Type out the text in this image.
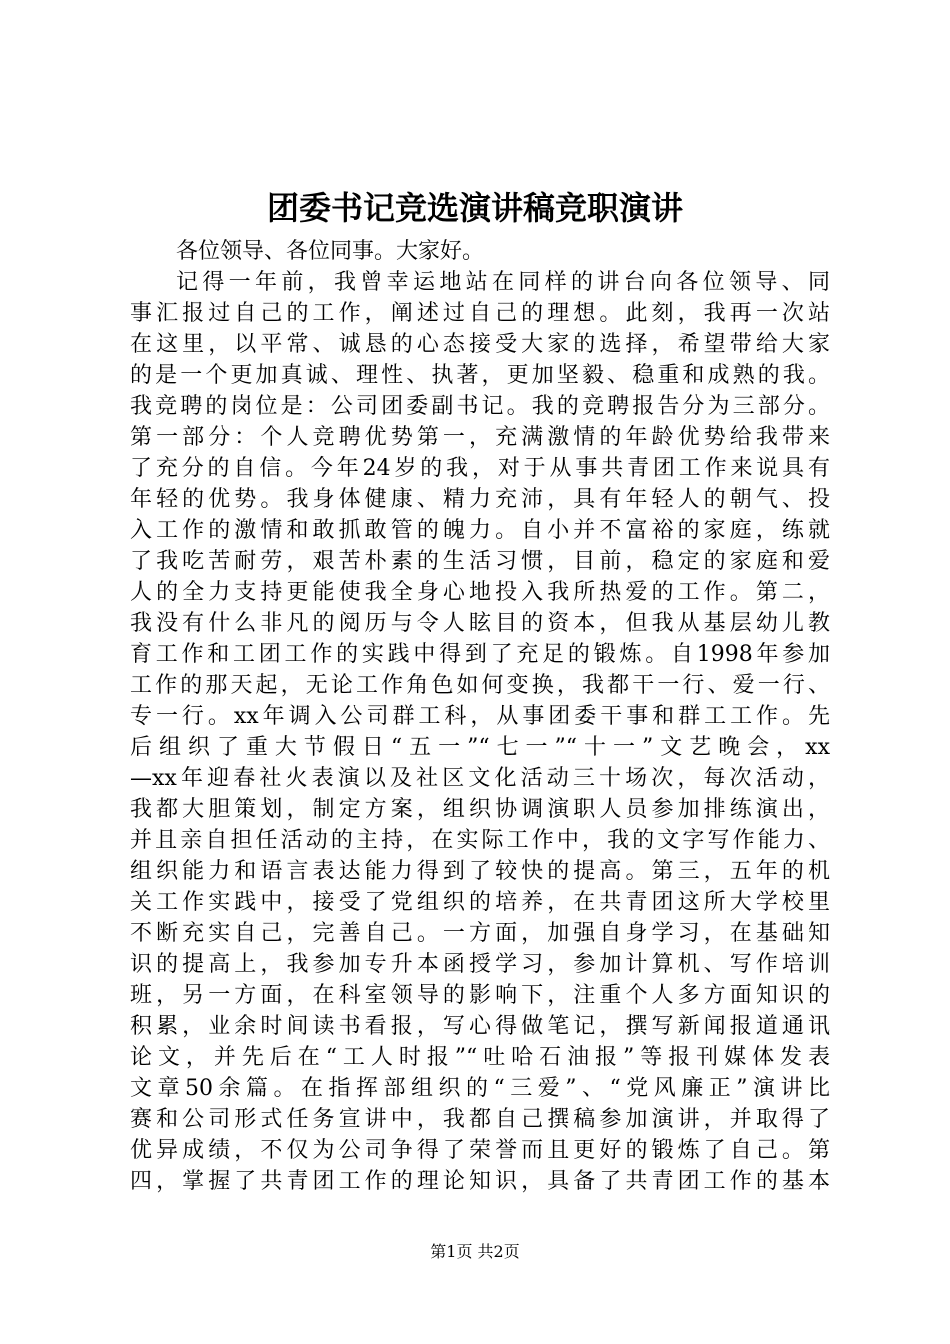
团委书记竞选演讲稿竞职演讲
各位领导、各位同事。大家好。
记得一年前，我曾幸运地站在同样的讲台向各位领导、同
事汇报过自己的工作，阐述过自己的理想。此刻，我再一次站
在这里，以平常、诚恳的心态接受大家的选择，希望带给大家
的是一个更加真诚、理性、执著，更加坚毅、稳重和成熟的我。
我竞聘的岗位是：公司团委副书记。我的竞聘报告分为三部分。
第一部分：个人竞聘优势第一，充满激情的年龄优势给我带来
了充分的自信。今年24岁的我，对于从事共青团工作来说具有
年轻的优势。我身体健康、精力充沛，具有年轻人的朝气、投
入工作的激情和敢抓敢管的魄力。自小并不富裕的家庭，练就
了我吃苦耐劳，艰苦朴素的生活习惯，目前，稳定的家庭和爱
人的全力支持更能使我全身心地投入我所热爱的工作。第二，
我没有什么非凡的阅历与令人眩目的资本，但我从基层幼儿教
育工作和工团工作的实践中得到了充足的锻炼。自1998年参加
工作的那天起，无论工作角色如何变换，我都干一行、爱一行、
专一行。xx年调入公司群工科，从事团委干事和群工工作。先
后组织了重大节假日“五一”“七一”“十一”文艺晚会，xx
—xx年迎春社火表演以及社区文化活动三十场次，每次活动，
我都大胆策划，制定方案，组织协调演职人员参加排练演出，
并且亲自担任活动的主持，在实际工作中，我的文字写作能力、
组织能力和语言表达能力得到了较快的提高。第三，五年的机
关工作实践中，接受了党组织的培养，在共青团这所大学校里
不断充实自己，完善自己。一方面，加强自身学习，在基础知
识的提高上，我参加专升本函授学习，参加计算机、写作培训
班，另一方面，在科室领导的影响下，注重个人多方面知识的
积累，业余时间读书看报，写心得做笔记，撰写新闻报道通讯
论文，并先后在“工人时报”“吐哈石油报”等报刊媒体发表
文章50余篇。在指挥部组织的“三爱”、“党风廉正”演讲比
赛和公司形式任务宣讲中，我都自己撰稿参加演讲，并取得了
优异成绩，不仅为公司争得了荣誉而且更好的锻炼了自己。第
四，掌握了共青团工作的理论知识，具备了共青团工作的基本
第1页 共2页
